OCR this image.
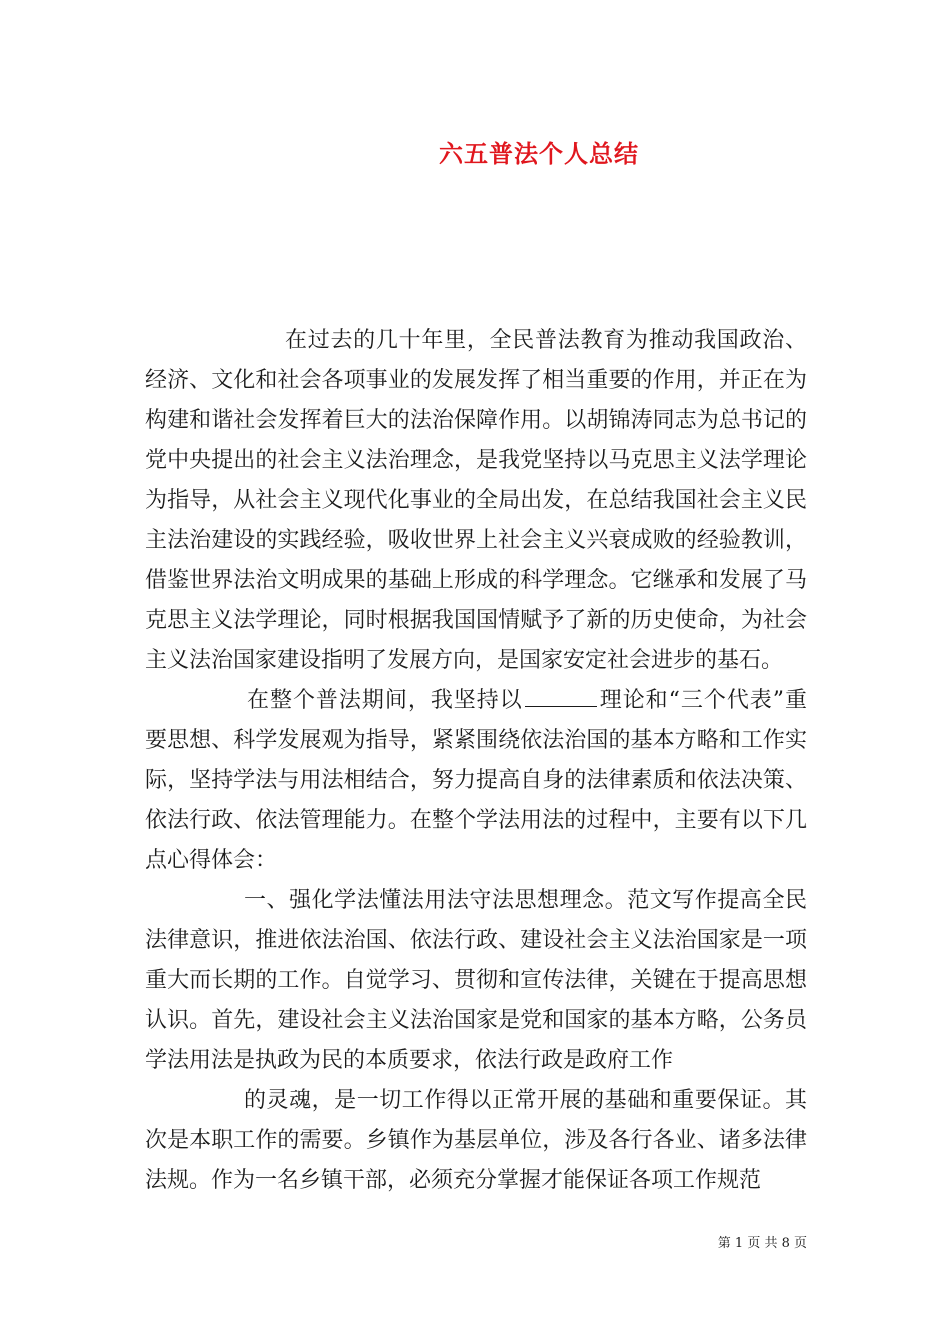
六五普法个人总结

在过去的几十年里，全民普法教育为推动我国政治、经济、文化和社会各项事业的发展发挥了相当重要的作用，并正在为构建和谐社会发挥着巨大的法治保障作用。以胡锦涛同志为总书记的党中央提出的社会主义法治理念，是我党坚持以马克思主义法学理论为指导，从社会主义现代化事业的全局出发，在总结我国社会主义民主法治建设的实践经验，吸收世界上社会主义兴衰成败的经验教训，借鉴世界法治文明成果的基础上形成的科学理念。它继承和发展了马克思主义法学理论，同时根据我国国情赋予了新的历史使命，为社会主义法治国家建设指明了发展方向，是国家安定社会进步的基石。

在整个普法期间，我坚持以	理论和“三个代表”重要思想、科学发展观为指导，紧紧围绕依法治国的基本方略和工作实际，坚持学法与用法相结合，努力提高自身的法律素质和依法决策、依法行政、依法管理能力。在整个学法用法的过程中，主要有以下几点心得体会：

一、强化学法懂法用法守法思想理念。范文写作提高全民法律意识，推进依法治国、依法行政、建设社会主义法治国家是一项重大而长期的工作。自觉学习、贯彻和宣传法律，关键在于提高思想认识。首先，建设社会主义法治国家是党和国家的基本方略，公务员学法用法是执政为民的本质要求，依法行政是政府工作

的灵魂，是一切工作得以正常开展的基础和重要保证。其次是本职工作的需要。乡镇作为基层单位，涉及各行各业、诸多法律法规。作为一名乡镇干部，必须充分掌握才能保证各项工作规范

第 1 页 共 8 页
